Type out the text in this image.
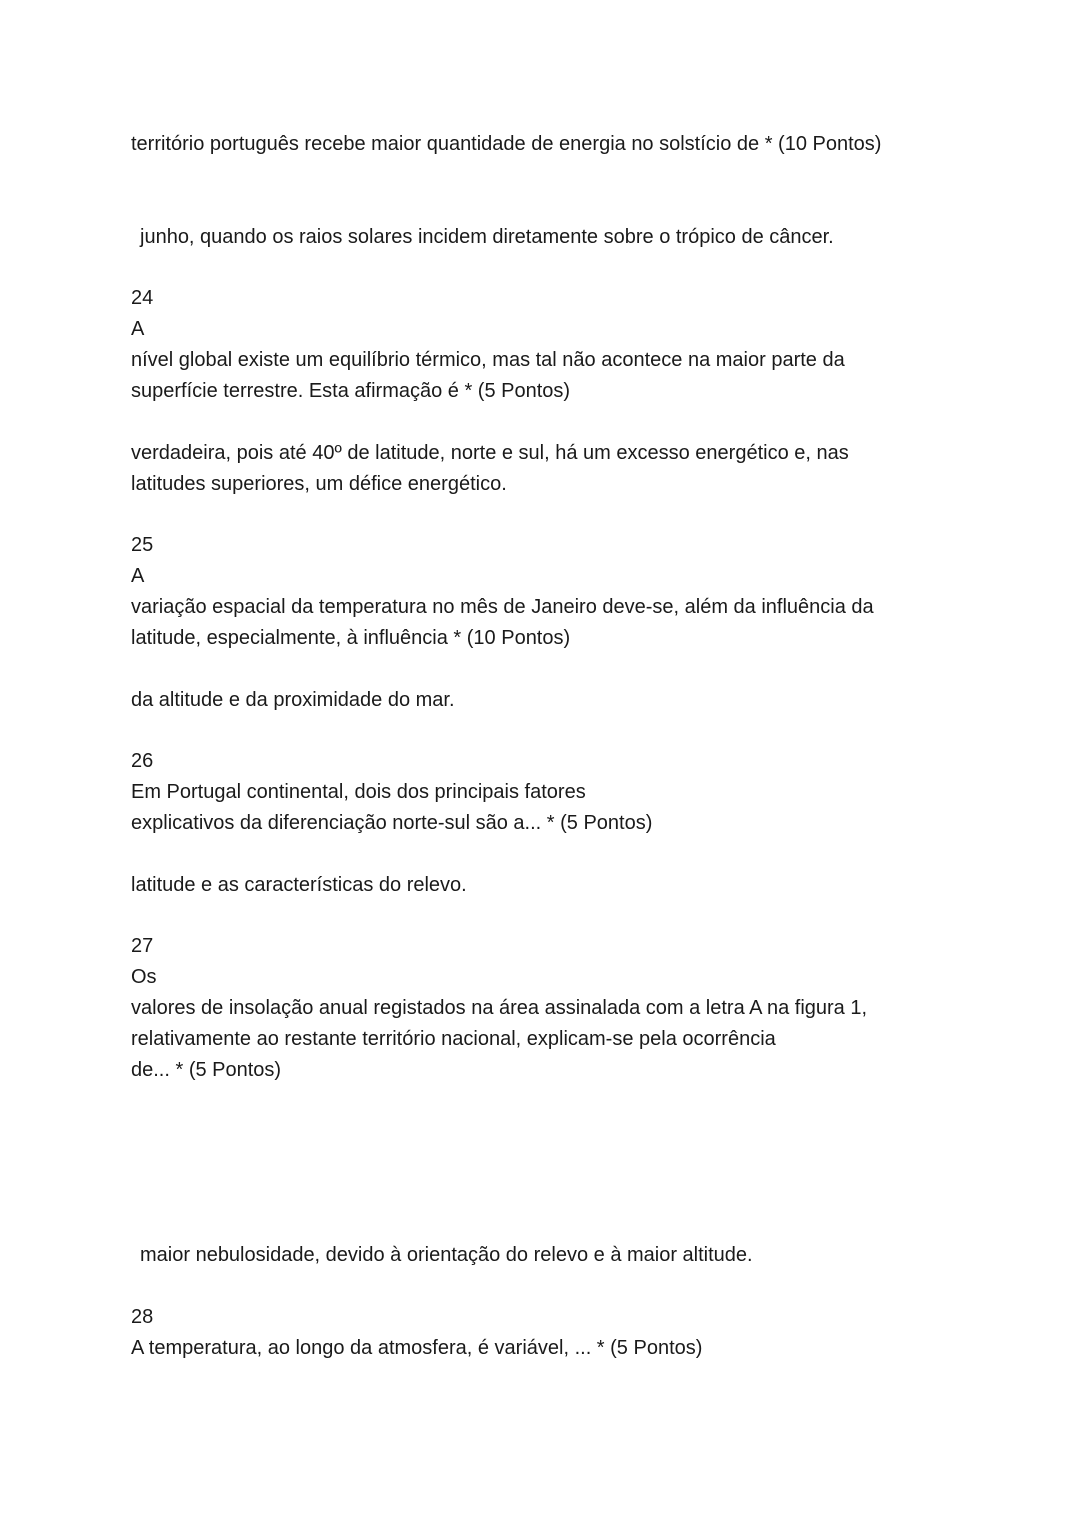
território português recebe maior quantidade de energia no solstício de * (10 Pontos)
junho, quando os raios solares incidem diretamente sobre o trópico de câncer.
24
A
nível global existe um equilíbrio térmico, mas tal não acontece na maior parte da
superfície terrestre. Esta afirmação é * (5 Pontos)
verdadeira, pois até 40º de latitude, norte e sul, há um excesso energético e, nas
latitudes superiores, um défice energético.
25
A
variação espacial da temperatura no mês de Janeiro deve-se, além da influência da
latitude, especialmente, à influência * (10 Pontos)
da altitude e da proximidade do mar.
26
Em Portugal continental, dois dos principais fatores
explicativos da diferenciação norte-sul são a... * (5 Pontos)
latitude e as características do relevo.
27
Os
valores de insolação anual registados na área assinalada com a letra A na figura 1,
relativamente ao restante território nacional, explicam-se pela ocorrência
de... * (5 Pontos)
maior nebulosidade, devido à orientação do relevo e à maior altitude.
28
A temperatura, ao longo da atmosfera, é variável, ... * (5 Pontos)
